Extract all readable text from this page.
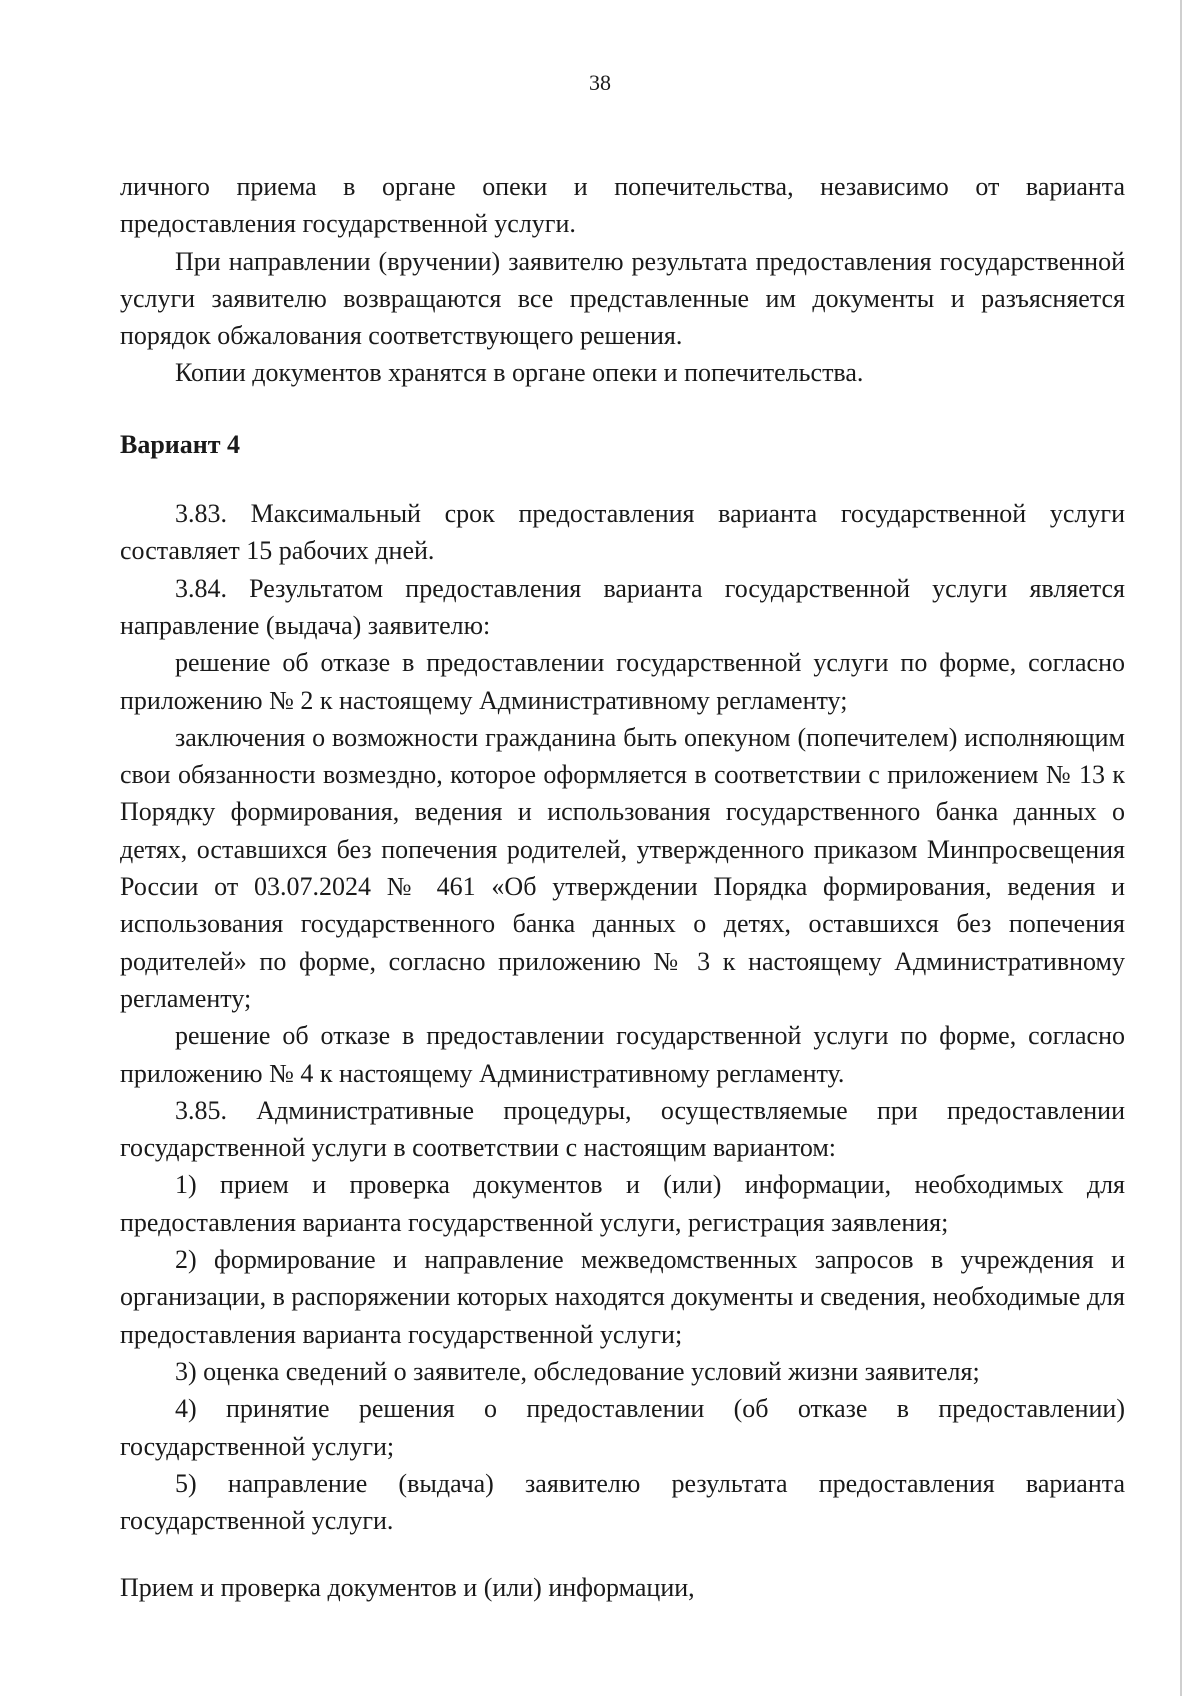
38

личного приема в органе опеки и попечительства, независимо от варианта предоставления государственной услуги.

При направлении (вручении) заявителю результата предоставления государственной услуги заявителю возвращаются все представленные им документы и разъясняется порядок обжалования соответствующего решения.

Копии документов хранятся в органе опеки и попечительства.

Вариант 4

3.83. Максимальный срок предоставления варианта государственной услуги составляет 15 рабочих дней.

3.84. Результатом предоставления варианта государственной услуги является направление (выдача) заявителю:

решение об отказе в предоставлении государственной услуги по форме, согласно приложению № 2 к настоящему Административному регламенту;

заключения о возможности гражданина быть опекуном (попечителем) исполняющим свои обязанности возмездно, которое оформляется в соответствии с приложением № 13 к Порядку формирования, ведения и использования государственного банка данных о детях, оставшихся без попечения родителей, утвержденного приказом Минпросвещения России от 03.07.2024 № 461 «Об утверждении Порядка формирования, ведения и использования государственного банка данных о детях, оставшихся без попечения родителей» по форме, согласно приложению № 3 к настоящему Административному регламенту;

решение об отказе в предоставлении государственной услуги по форме, согласно приложению № 4 к настоящему Административному регламенту.

3.85. Административные процедуры, осуществляемые при предоставлении государственной услуги в соответствии с настоящим вариантом:

1) прием и проверка документов и (или) информации, необходимых для предоставления варианта государственной услуги, регистрация заявления;

2) формирование и направление межведомственных запросов в учреждения и организации, в распоряжении которых находятся документы и сведения, необходимые для предоставления варианта государственной услуги;

3) оценка сведений о заявителе, обследование условий жизни заявителя;

4) принятие решения о предоставлении (об отказе в предоставлении) государственной услуги;

5) направление (выдача) заявителю результата предоставления варианта государственной услуги.

Прием и проверка документов и (или) информации,
